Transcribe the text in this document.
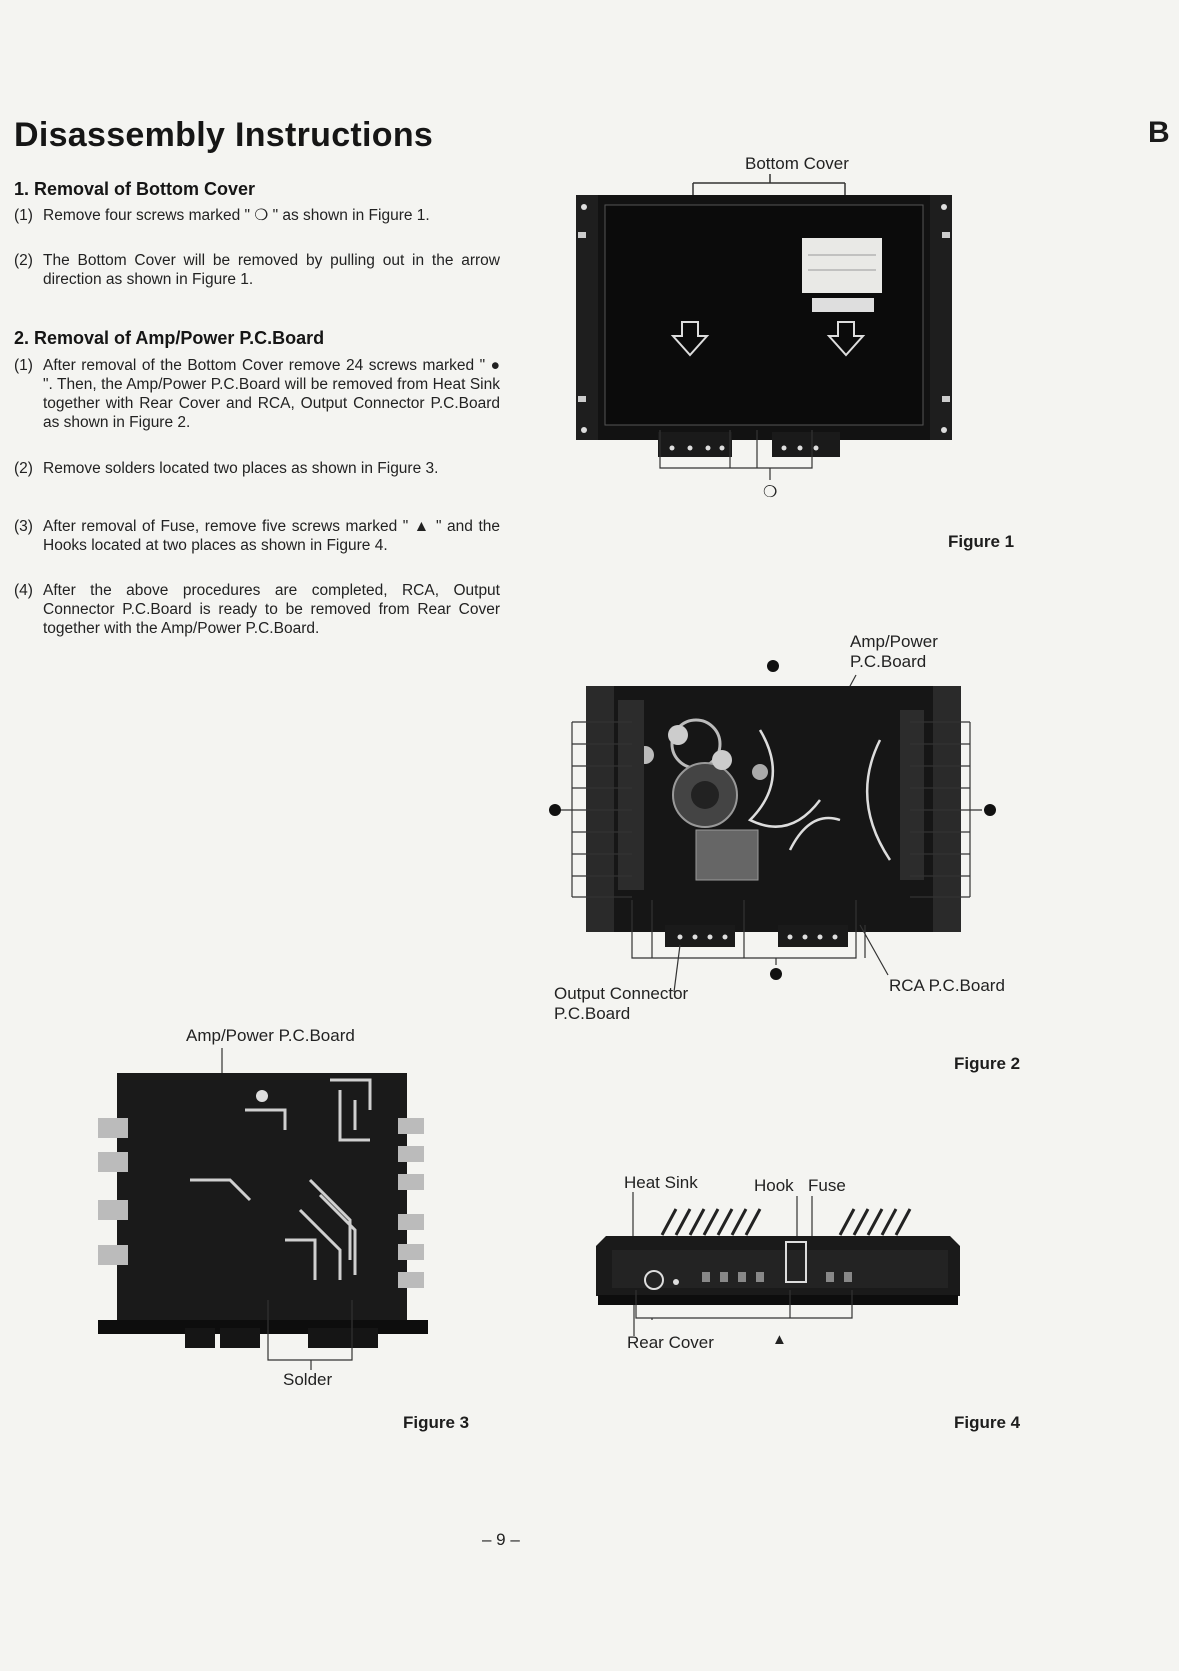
Disassembly Instructions	B
1. Removal of Bottom Cover
(1) Remove four screws marked " ❍ " as shown in Figure 1.
(2) The Bottom Cover will be removed by pulling out in the arrow direction as shown in Figure 1.
2. Removal of Amp/Power P.C.Board
(1) After removal of the Bottom Cover remove 24 screws marked " ● ". Then, the Amp/Power P.C.Board will be removed from Heat Sink together with Rear Cover and RCA, Output Connector P.C.Board as shown in Figure 2.
(2) Remove solders located two places as shown in Figure 3.
(3) After removal of Fuse, remove five screws marked " ▲ " and the Hooks located at two places as shown in Figure 4.
(4) After the above procedures are completed, RCA, Output Connector P.C.Board is ready to be removed from Rear Cover together with the Amp/Power P.C.Board.
Bottom Cover
❍
Figure 1
Amp/Power
P.C.Board
Output Connector
P.C.Board
RCA P.C.Board
Figure 2
Amp/Power P.C.Board
Solder
Figure 3
Heat Sink	Hook Fuse
Rear Cover	▲
Figure 4
– 9 –
